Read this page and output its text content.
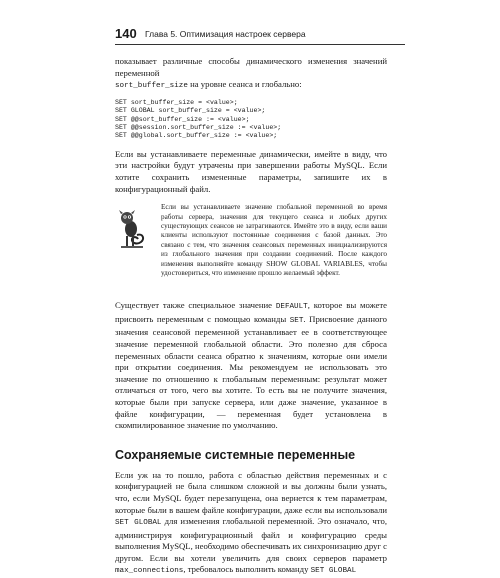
140 Глава 5. Оптимизация настроек сервера

показывает различные способы динамического изменения значений переменной
sort_buffer_size на уровне сеанса и глобально:

SET sort_buffer_size = <value>;
SET GLOBAL sort_buffer_size = <value>;
SET @@sort_buffer_size := <value>;
SET @@session.sort_buffer_size := <value>;
SET @@global.sort_buffer_size := <value>;

Если вы устанавливаете переменные динамически, имейте в виду, что эти настройки будут утрачены при завершении работы MySQL. Если хотите сохранить измененные параметры, запишите их в конфигурационный файл.

Если вы устанавливаете значение глобальной переменной во время работы сервера, значения для текущего сеанса и любых других существующих сеансов не затрагиваются. Имейте это в виду, если ваши клиенты используют постоянные соединения с базой данных. Это связано с тем, что значения сеансовых переменных инициализируются из глобального значения при создании соединений. После каждого изменения выполняйте команду SHOW GLOBAL VARIABLES, чтобы удостовериться, что изменение прошло желаемый эффект.

Существует также специальное значение DEFAULT, которое вы можете присвоить переменным с помощью команды SET. Присвоение данного значения сеансовой переменной устанавливает ее в соответствующее значение переменной глобальной области. Это полезно для сброса переменных области сеанса обратно к значениям, которые они имели при открытии соединения. Мы рекомендуем не использовать это значение по отношению к глобальным переменным: результат может отличаться от того, чего вы хотите. То есть вы не получите значения, которые были при запуске сервера, или даже значение, указанное в файле конфигурации, — переменная будет установлена в скомпилированное значение по умолчанию.

Сохраняемые системные переменные

Если уж на то пошло, работа с областью действия переменных и с конфигурацией не была слишком сложной и вы должны были узнать, что, если MySQL будет перезапущена, она вернется к тем параметрам, которые были в вашем файле конфигурации, даже если вы использовали SET GLOBAL для изменения глобальной переменной. Это означало, что, администрируя конфигурационный файл и конфигурацию среды выполнения MySQL, необходимо обеспечивать их синхронизацию друг с другом. Если вы хотели увеличить для своих серверов параметр max_connections, требовалось выполнить команду SET GLOBAL
